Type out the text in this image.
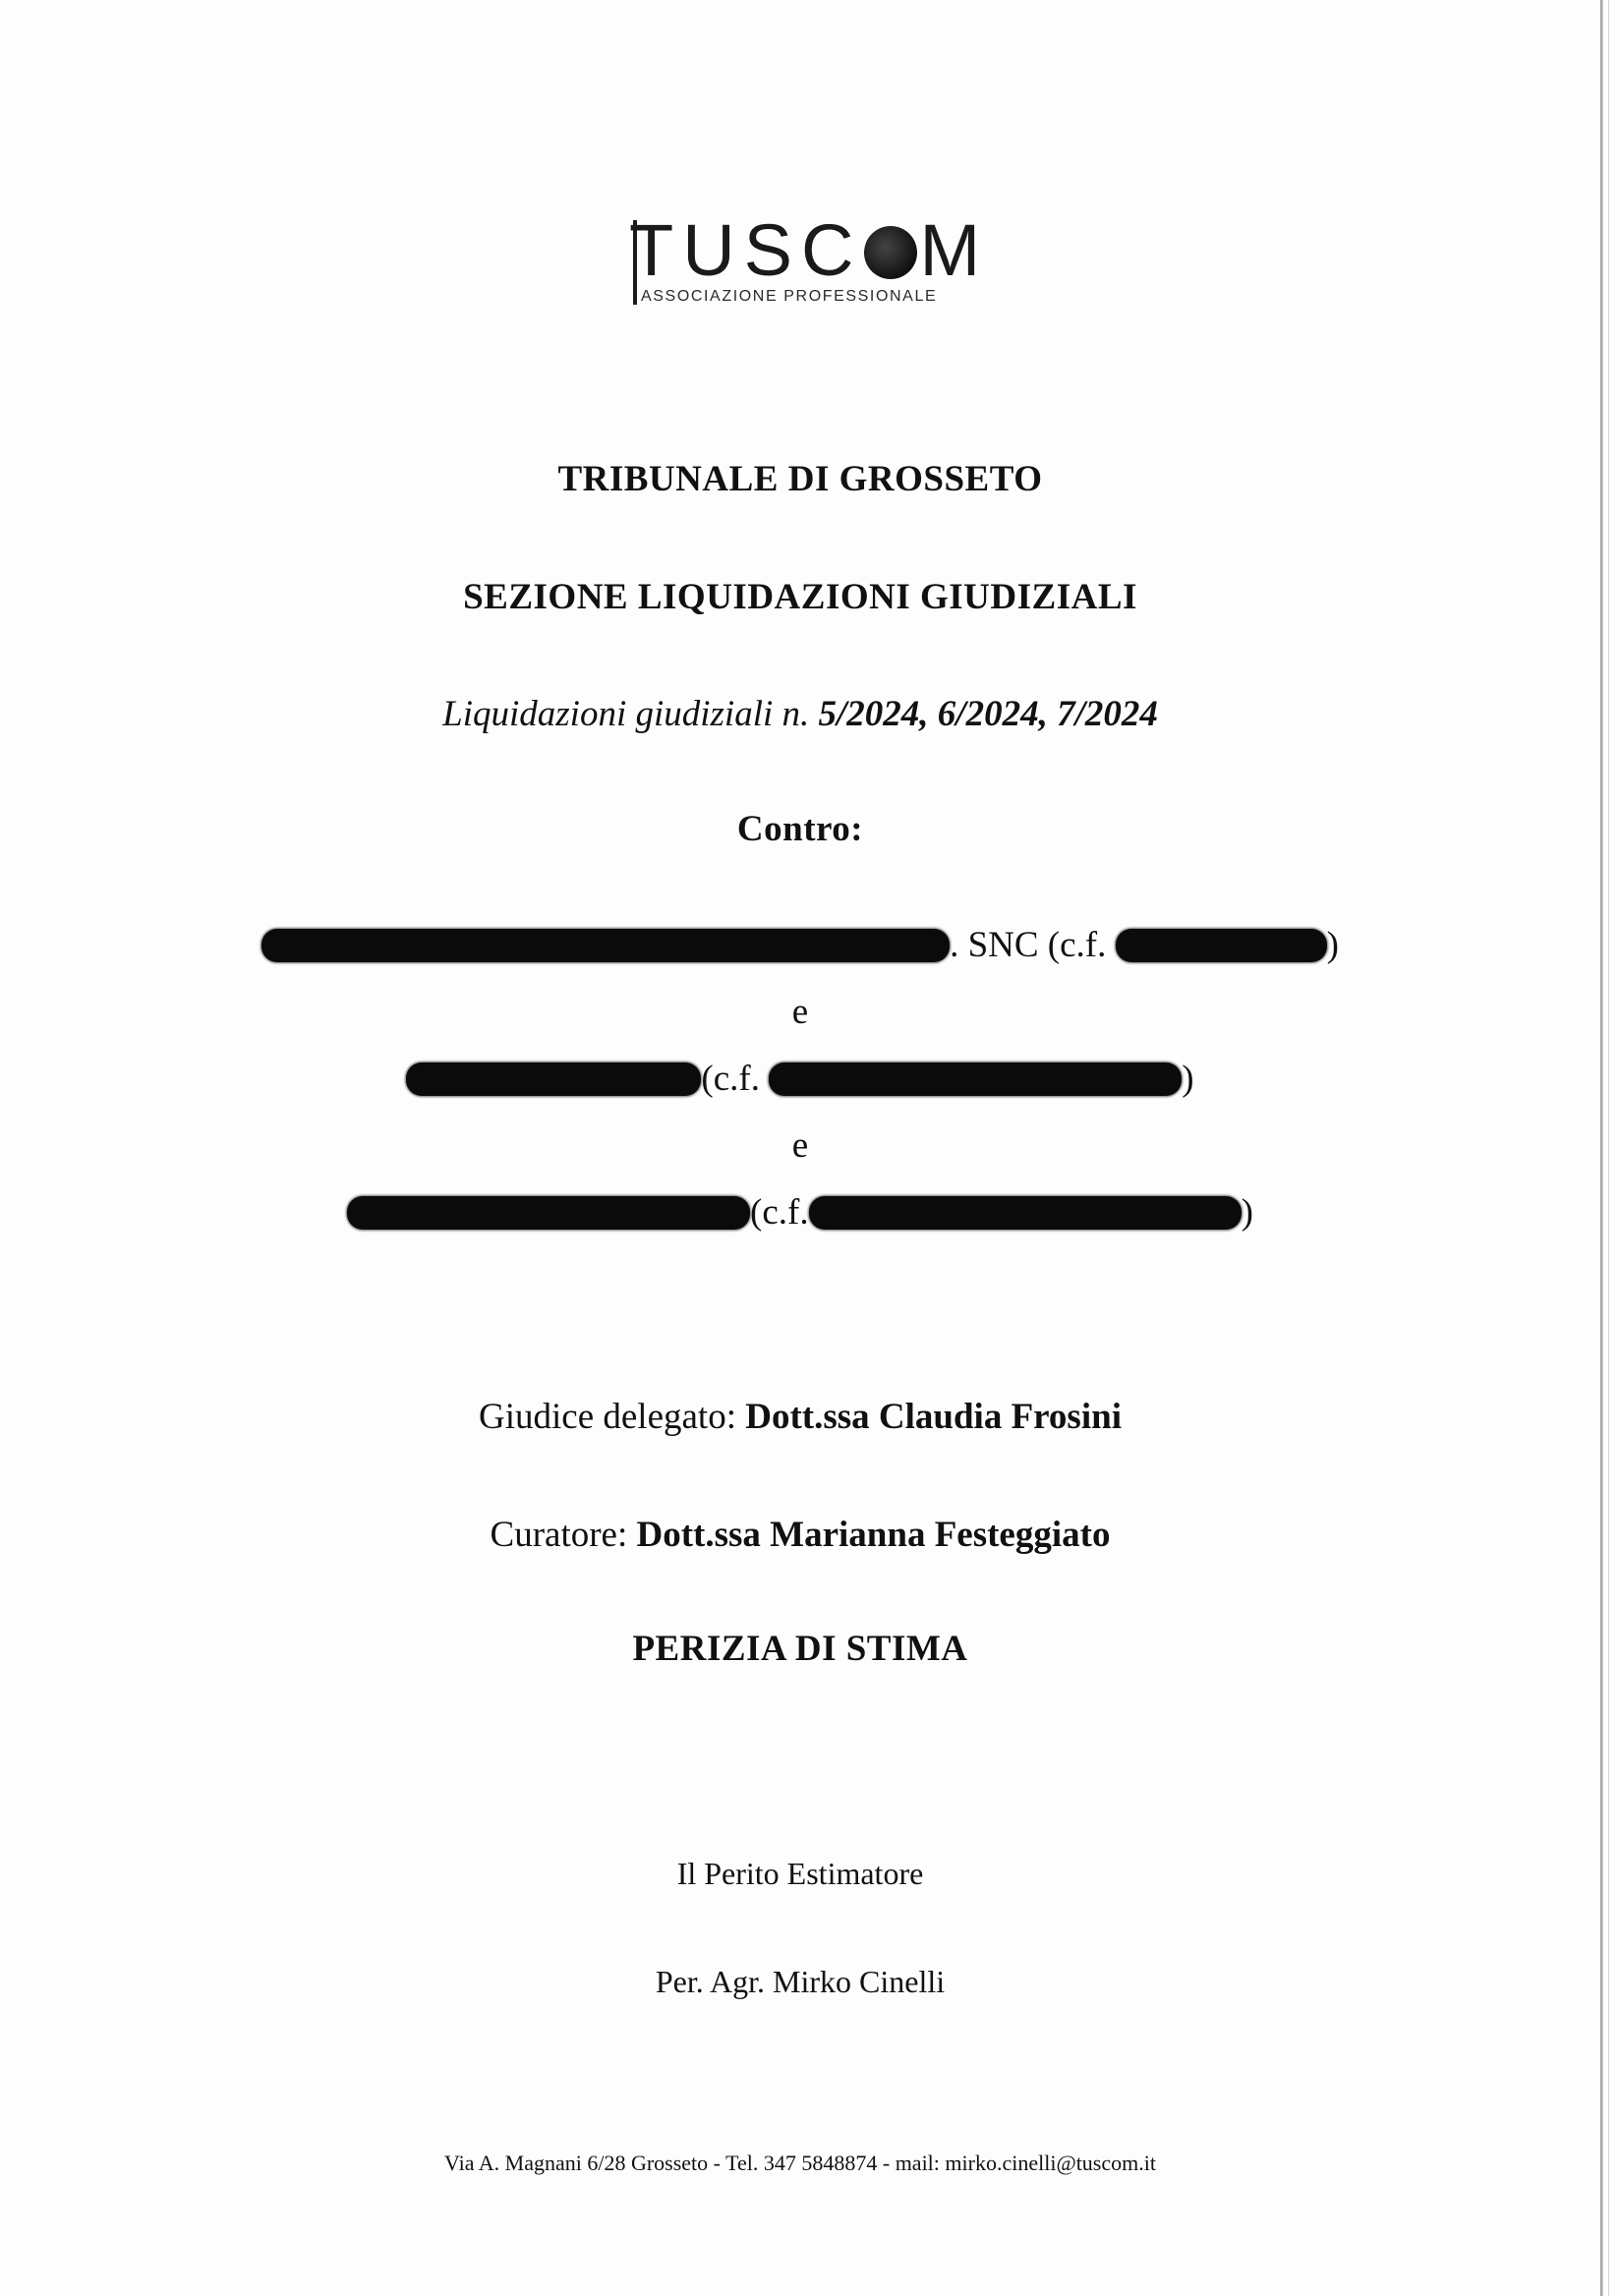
TUSC M
ASSOCIAZIONE PROFESSIONALE
TRIBUNALE DI GROSSETO
SEZIONE LIQUIDAZIONI GIUDIZIALI
Liquidazioni giudiziali n. 5/2024, 6/2024, 7/2024
Contro:
. SNC (c.f.	)
e
(c.f.	)
e
(c.f.	)
Giudice delegato: Dott.ssa Claudia Frosini
Curatore: Dott.ssa Marianna Festeggiato
PERIZIA DI STIMA
Il Perito Estimatore
Per. Agr. Mirko Cinelli
Via A. Magnani 6/28 Grosseto - Tel. 347 5848874 - mail: mirko.cinelli@tuscom.it
